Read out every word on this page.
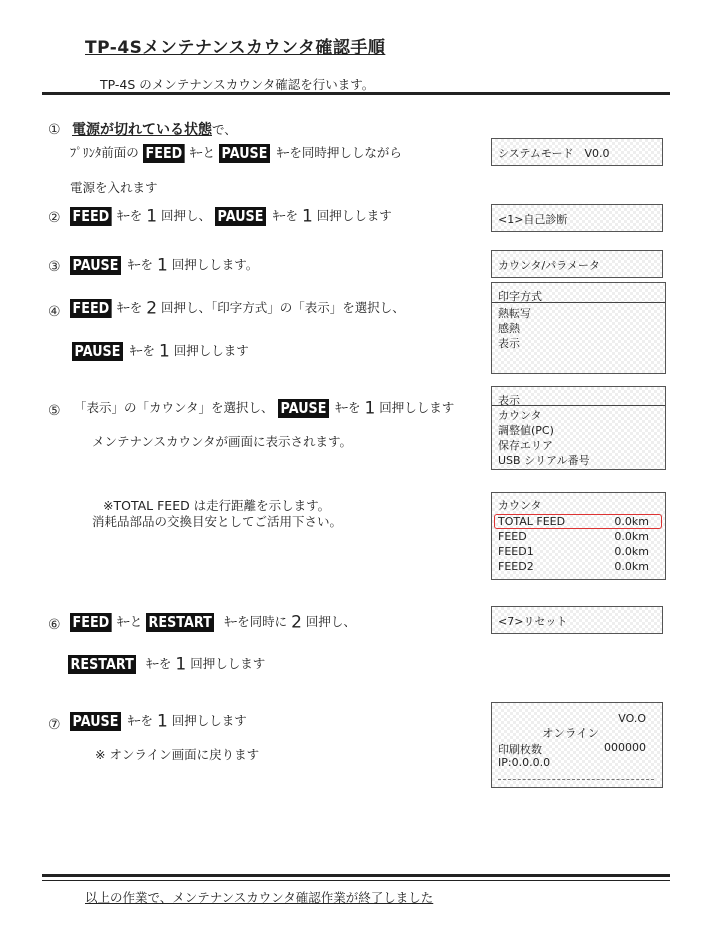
TP-4Sメンテナンスカウンタ確認手順
TP-4S のメンテナンスカウンタ確認を行います。
① 電源が切れている状態で、
ﾌﾟﾘﾝﾀ前面の FEED ｷｰと PAUSE ｷｰを同時押ししながら
電源を入れます
② FEED ｷｰを 1 回押し、 PAUSE ｷｰを 1 回押しします
③ PAUSE ｷｰを 1 回押しします。
④ FEED ｷｰを 2 回押し、「印字方式」の「表示」を選択し、
PAUSE ｷｰを 1 回押しします
⑤ 「表示」の「カウンタ」を選択し、 PAUSE ｷｰを 1 回押しします
メンテナンスカウンタが画面に表示されます。
※TOTAL FEED は走行距離を示します。
消耗品部品の交換目安としてご活用下さい。
⑥ FEED ｷｰと RESTART ｷｰを同時に 2 回押し、
RESTART ｷｰを 1 回押しします
⑦ PAUSE ｷｰを 1 回押しします
※ オンライン画面に戻ります
システムモード　V0.0
<1>自己診断
カウンタ/パラメータ
印字方式
熱転写
感熱
表示
表示
カウンタ
調整値(PC)
保存エリア
USB シリアル番号
カウンタ
TOTAL FEED	0.0km
FEED	0.0km
FEED1	0.0km
FEED2	0.0km
<7>リセット
VO.O
オンライン
印刷枚数	000000
IP:0.0.0.0
以上の作業で、メンテナンスカウンタ確認作業が終了しました
